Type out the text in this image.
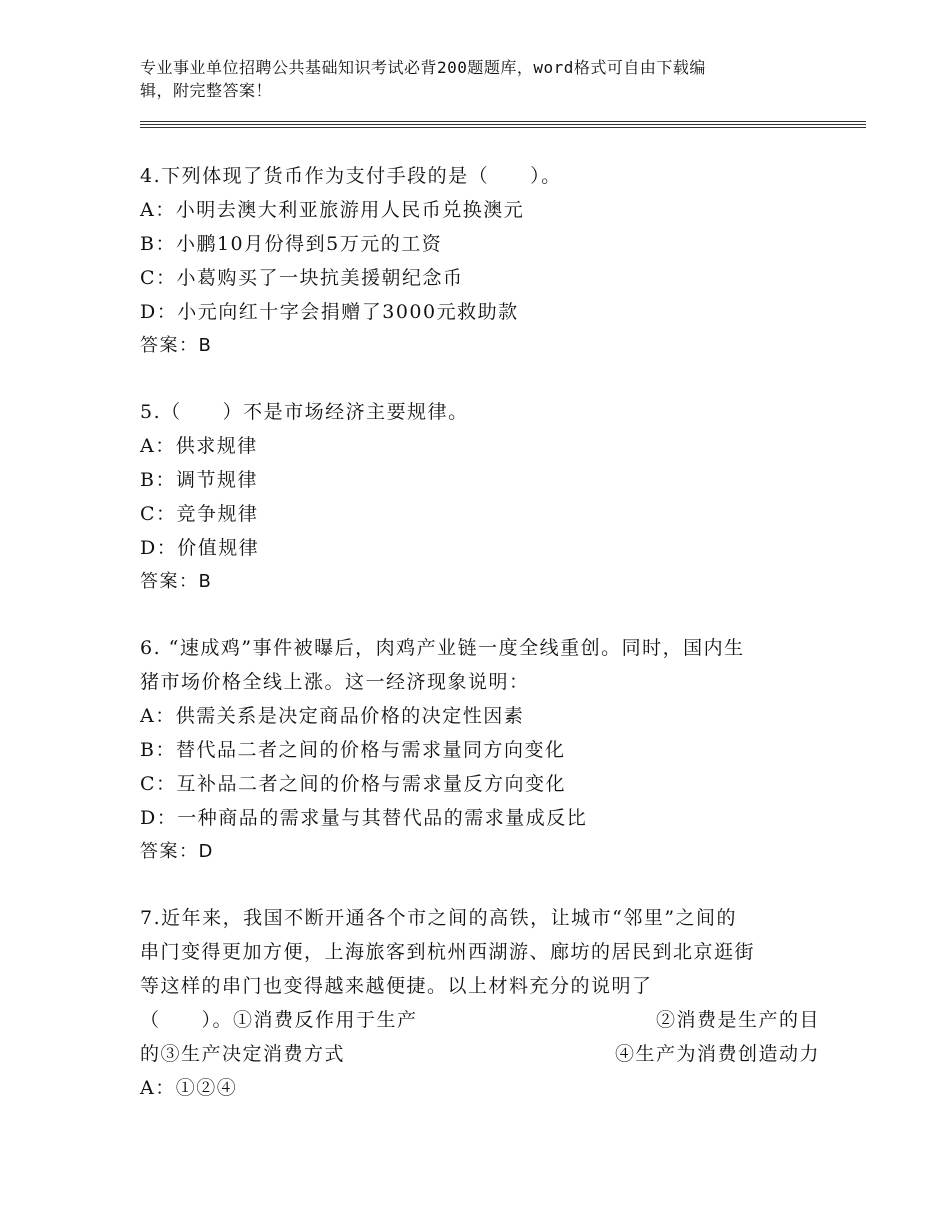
专业事业单位招聘公共基础知识考试必背200题题库，word格式可自由下载编
辑，附完整答案！
4.下列体现了货币作为支付手段的是（　　）。
A：小明去澳大利亚旅游用人民币兑换澳元
B：小鹏10月份得到5万元的工资
C：小葛购买了一块抗美援朝纪念币
D：小元向红十字会捐赠了3000元救助款
答案：B
5.（　　）不是市场经济主要规律。
A：供求规律
B：调节规律
C：竞争规律
D：价值规律
答案：B
6. “速成鸡”事件被曝后，肉鸡产业链一度全线重创。同时，国内生
猪市场价格全线上涨。这一经济现象说明：
A：供需关系是决定商品价格的决定性因素
B：替代品二者之间的价格与需求量同方向变化
C：互补品二者之间的价格与需求量反方向变化
D：一种商品的需求量与其替代品的需求量成反比
答案：D
7.近年来，我国不断开通各个市之间的高铁，让城市“邻里”之间的
串门变得更加方便，上海旅客到杭州西湖游、廊坊的居民到北京逛街
等这样的串门也变得越来越便捷。以上材料充分的说明了
（　　）。①消费反作用于生产	②消费是生产的目
的③生产决定消费方式	④生产为消费创造动力
A：①②④
